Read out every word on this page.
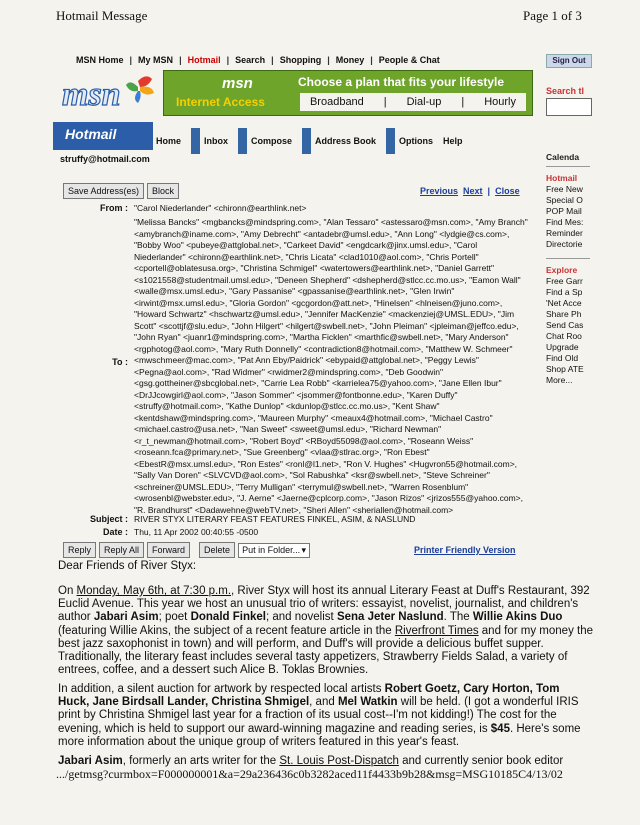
Hotmail Message	Page 1 of 3
MSN Home | My MSN | Hotmail | Search | Shopping | Money | People & Chat	Sign Out
Search tl
msn	msn
Internet Access
Choose a plan that fits your lifestyle
Broadband | Dial-up | Hourly
Hotmail	Home	Inbox	Compose	Address Book	Options Help
struffy@hotmail.com	Calenda
Hotmail
Free New
Special O
POP Mail
Find Mes:
Reminder
Directorie
Explore
Free Garr
Find a Sp
'Net Acce
Share Ph
Send Cas
Chat Roo
Upgrade
Find Old
Shop ATE
More...
Save Address(es)	Block	Previous Next | Close
From : "Carol Niederlander" <chironn@earthlink.net>
To :
"Melissa Bancks" <mgbancks@mindspring.com>, "Alan Tessaro" <astessaro@msn.com>, "Amy Branch" <amybranch@iname.com>, "Amy Debrecht" <antadebr@umsl.edu>, "Ann Long" <lydgie@cs.com>, "Bobby Woo" <pubeye@attglobal.net>, "Carkeet David" <engdcark@jinx.umsl.edu>, "Carol Niederlander" <chironn@earthlink.net>, "Chris Licata" <clad1010@aol.com>, "Chris Portell" <cportell@oblatesusa.org>, "Christina Schmigel" <watertowers@earthlink.net>, "Daniel Garrett" <s1021558@studentmail.umsl.edu>, "Deneen Shepherd" <dshepherd@stlcc.cc.mo.us>, "Eamon Wall" <walle@msx.umsl.edu>, "Gary Passanise" <gpassanise@earthlink.net>, "Glen Irwin" <irwint@msx.umsl.edu>, "Gloria Gordon" <gcgordon@att.net>, "Hinelsen" <hlneisen@juno.com>, "Howard Schwartz" <hschwartz@umsl.edu>, "Jennifer MacKenzie" <mackenziej@UMSL.EDU>, "Jim Scott" <scottjf@slu.edu>, "John Hilgert" <hilgert@swbell.net>, "John Pleiman" <jpleiman@jeffco.edu>, "John Ryan" <juanr1@mindspring.com>, "Martha Ficklen" <marthfic@swbell.net>, "Mary Anderson" <rgphotog@aol.com>, "Mary Ruth Donnelly" <contradiction8@hotmail.com>, "Matthew W. Schmeer" <mwschmeer@mac.com>, "Pat Ann Eby/Paidrick" <ebypaid@attglobal.net>, "Peggy Lewis" <Pegna@aol.com>, "Rad Widmer" <rwidmer2@mindspring.com>, "Deb Goodwin" <gsg.gottheiner@sbcglobal.net>, "Carrie Lea Robb" <karrielea75@yahoo.com>, "Jane Ellen Ibur" <DrJJcowgirl@aol.com>, "Jason Sommer" <jsommer@fontbonne.edu>, "Karen Duffy" <struffy@hotmail.com>, "Kathe Dunlop" <kdunlop@stlcc.cc.mo.us>, "Kent Shaw" <kentdshaw@mindspring.com>, "Maureen Murphy" <meaux4@hotmail.com>, "Michael Castro" <michael.castro@usa.net>, "Nan Sweet" <sweet@umsl.edu>, "Richard Newman" <r_t_newman@hotmail.com>, "Robert Boyd" <RBoyd55098@aol.com>, "Roseann Weiss" <roseann.fca@primary.net>, "Sue Greenberg" <vlaa@stlrac.org>, "Ron Ebest" <EbestR@msx.umsl.edu>, "Ron Estes" <ronl@l1.net>, "Ron V. Hughes" <Hugvron55@hotmail.com>, "Sally Van Doren" <SLVCVD@aol.com>, "Sol Rabushka" <ksr@swbell.net>, "Steve Schreiner" <schreiner@UMSL.EDU>, "Terry Mulligan" <terrymul@swbell.net>, "Warren Rosenblum" <wrosenbl@webster.edu>, "J. Aerne" <Jaerne@cplcorp.com>, "Jason Rizos" <jrizos555@yahoo.com>, "R. Brandhurst" <Dadawehne@webTV.net>, "Sheri Allen" <sheriallen@hotmail.com>
Subject : RIVER STYX LITERARY FEAST FEATURES FINKEL, ASIM, & NASLUND
Date : Thu, 11 Apr 2002 00:40:55 -0500
Reply	Reply All	Forward	Delete	Put in Folder... ▾	Printer Friendly Version
Dear Friends of River Styx:
On Monday, May 6th, at 7:30 p.m., River Styx will host its annual Literary Feast at Duff's Restaurant, 392 Euclid Avenue. This year we host an unusual trio of writers: essayist, novelist, journalist, and children's author Jabari Asim; poet Donald Finkel; and novelist Sena Jeter Naslund. The Willie Akins Duo (featuring Willie Akins, the subject of a recent feature article in the Riverfront Times and for my money the best jazz saxophonist in town) and will perform, and Duff's will provide a delicious buffet supper. Traditionally, the literary feast includes several tasty appetizers, Strawberry Fields Salad, a variety of entrees, coffee, and a dessert such Alice B. Toklas Brownies.
In addition, a silent auction for artwork by respected local artists Robert Goetz, Cary Horton, Tom Huck, Jane Birdsall Lander, Christina Shmigel, and Mel Watkin will be held. (I got a wonderful IRIS print by Christina Shmigel last year for a fraction of its usual cost--I'm not kidding!) The cost for the evening, which is held to support our award-winning magazine and reading series, is $45. Here's some more information about the unique group of writers featured in this year's feast.
Jabari Asim, formerly an arts writer for the St. Louis Post-Dispatch and currently senior book editor
.../getmsg?curmbox=F000000001&a=29a236436c0b3282aced11f4433b9b28&msg=MSG10185C4/13/02
